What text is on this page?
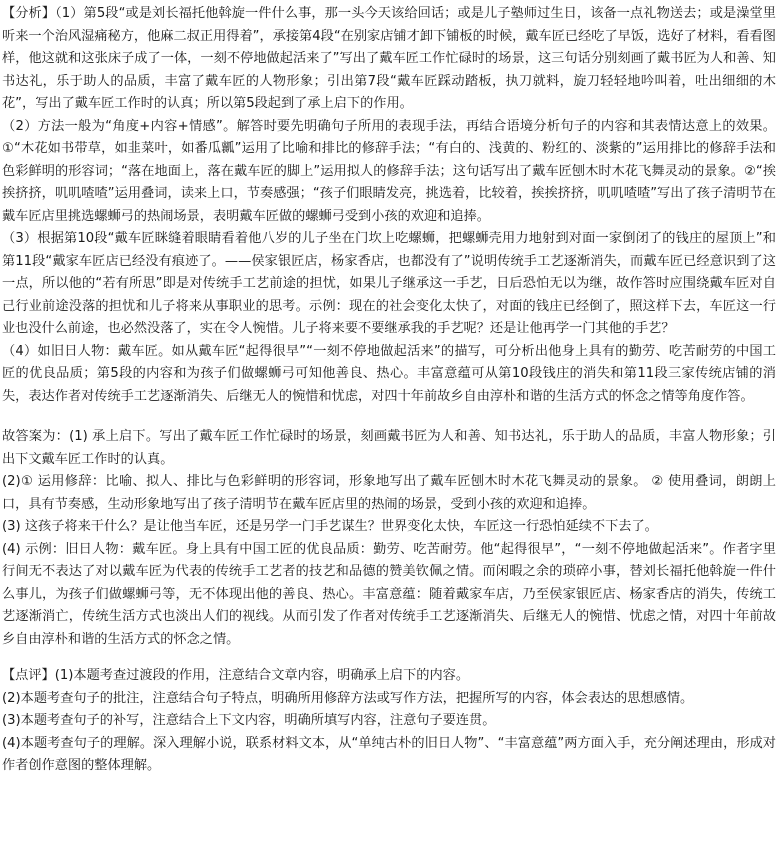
【分析】（1）第5段“或是刘长福托他斡旋一件什么事，那一头今天该给回话；或是儿子塾师过生日，该备一点礼物送去；或是澡堂里听来一个治风湿痛秘方，他麻二叔正用得着”，承接第4段“在别家店铺才卸下铺板的时候，戴车匠已经吃了早饭，选好了材料，看看图样，他这就和这张床子成了一体，一刻不停地做起活来了”写出了戴车匠工作忙碌时的场景，这三句话分别刻画了戴书匠为人和善、知书达礼，乐于助人的品质，丰富了戴车匠的人物形象；引出第7段“戴车匠踩动踏板，执刀就料，旋刀轻轻地吟叫着，吐出细细的木花”，写出了戴车匠工作时的认真；所以第5段起到了承上启下的作用。

（2）方法一般为“角度+内容+情感”。解答时要先明确句子所用的表现手法，再结合语境分析句子的内容和其表情达意上的效果。①“木花如书带草，如韭菜叶，如番瓜瓤”运用了比喻和排比的修辞手法；“有白的、浅黄的、粉红的、淡紫的”运用排比的修辞手法和色彩鲜明的形容词；“落在地面上，落在戴车匠的脚上”运用拟人的修辞手法；这句话写出了戴车匠刨木时木花飞舞灵动的景象。②“挨挨挤挤，叽叽喳喳”运用叠词，读来上口，节奏感强；“孩子们眼睛发亮，挑选着，比较着，挨挨挤挤，叽叽喳喳”写出了孩子清明节在戴车匠店里挑选螺蛳弓的热闹场景，表明戴车匠做的螺蛳弓受到小孩的欢迎和追捧。

（3）根据第10段“戴车匠眯缝着眼睛看着他八岁的儿子坐在门坎上吃螺蛳，把螺蛳壳用力地射到对面一家倒闭了的钱庄的屋顶上”和第11段“戴家车匠店已经没有痕迹了。——侯家银匠店，杨家香店，也都没有了”说明传统手工艺逐渐消失，而戴车匠已经意识到了这一点，所以他的“若有所思”即是对传统手工艺前途的担忧，如果儿子继承这一手艺，日后恐怕无以为继，故作答时应围绕戴车匠对自己行业前途没落的担忧和儿子将来从事职业的思考。示例：现在的社会变化太快了，对面的钱庄已经倒了，照这样下去，车匠这一行业也没什么前途，也必然没落了，实在令人惋惜。儿子将来要不要继承我的手艺呢？还是让他再学一门其他的手艺？

（4）如旧日人物：戴车匠。如从戴车匠“起得很早”“一刻不停地做起活来”的描写，可分析出他身上具有的勤劳、吃苦耐劳的中国工匠的优良品质；第5段的内容和为孩子们做螺蛳弓可知他善良、热心。丰富意蕴可从第10段钱庄的消失和第11段三家传统店铺的消失，表达作者对传统手工艺逐渐消失、后继无人的惋惜和忧虑，对四十年前故乡自由淳朴和谐的生活方式的怀念之情等角度作答。

故答案为：(1) 承上启下。写出了戴车匠工作忙碌时的场景，刻画戴书匠为人和善、知书达礼，乐于助人的品质，丰富人物形象；引出下文戴车匠工作时的认真。

(2)① 运用修辞：比喻、拟人、排比与色彩鲜明的形容词，形象地写出了戴车匠刨木时木花飞舞灵动的景象。 ② 使用叠词，朗朗上口，具有节奏感，生动形象地写出了孩子清明节在戴车匠店里的热闹的场景，受到小孩的欢迎和追捧。

(3) 这孩子将来干什么？是让他当车匠，还是另学一门手艺谋生？世界变化太快，车匠这一行恐怕延续不下去了。

(4) 示例：旧日人物：戴车匠。身上具有中国工匠的优良品质：勤劳、吃苦耐劳。他“起得很早”，“一刻不停地做起活来”。作者字里行间无不表达了对以戴车匠为代表的传统手工艺者的技艺和品德的赞美钦佩之情。而闲暇之余的琐碎小事，替刘长福托他斡旋一件什么事儿，为孩子们做螺蛳弓等，无不体现出他的善良、热心。丰富意蕴：随着戴家车店，乃至侯家银匠店、杨家香店的消失，传统工艺逐渐消亡，传统生活方式也淡出人们的视线。从而引发了作者对传统手工艺逐渐消失、后继无人的惋惜、忧虑之情，对四十年前故乡自由淳朴和谐的生活方式的怀念之情。

【点评】(1)本题考查过渡段的作用，注意结合文章内容，明确承上启下的内容。

(2)本题考查句子的批注，注意结合句子特点，明确所用修辞方法或写作方法，把握所写的内容，体会表达的思想感情。

(3)本题考查句子的补写，注意结合上下文内容，明确所填写内容，注意句子要连贯。

(4)本题考查句子的理解。深入理解小说，联系材料文本，从“单纯古朴的旧日人物”、“丰富意蕴”两方面入手，充分阐述理由，形成对作者创作意图的整体理解。
